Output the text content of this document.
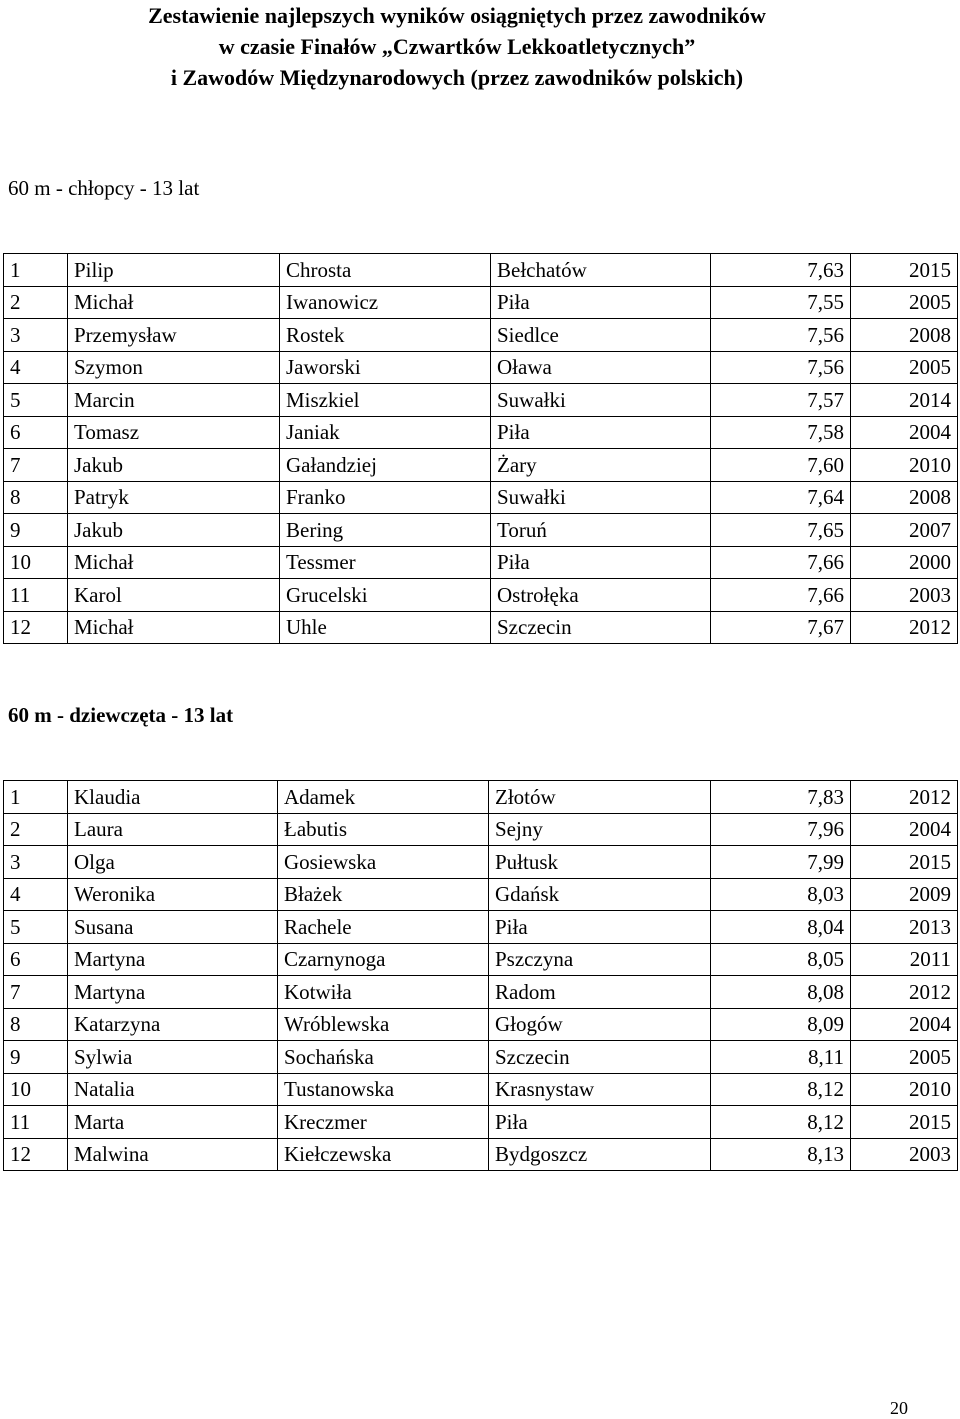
Zestawienie najlepszych wyników osiągniętych przez zawodników
w czasie Finałów „Czwartków Lekkoatletycznych”
i Zawodów Międzynarodowych (przez zawodników polskich)
60 m - chłopcy - 13 lat
1	Pilip	Chrosta	Bełchatów	7,63	2015
2	Michał	Iwanowicz	Piła	7,55	2005
3	Przemysław	Rostek	Siedlce	7,56	2008
4	Szymon	Jaworski	Oława	7,56	2005
5	Marcin	Miszkiel	Suwałki	7,57	2014
6	Tomasz	Janiak	Piła	7,58	2004
7	Jakub	Gałandziej	Żary	7,60	2010
8	Patryk	Franko	Suwałki	7,64	2008
9	Jakub	Bering	Toruń	7,65	2007
10	Michał	Tessmer	Piła	7,66	2000
11	Karol	Grucelski	Ostrołęka	7,66	2003
12	Michał	Uhle	Szczecin	7,67	2012
60 m - dziewczęta - 13 lat
1	Klaudia	Adamek	Złotów	7,83	2012
2	Laura	Łabutis	Sejny	7,96	2004
3	Olga	Gosiewska	Pułtusk	7,99	2015
4	Weronika	Błażek	Gdańsk	8,03	2009
5	Susana	Rachele	Piła	8,04	2013
6	Martyna	Czarnynoga	Pszczyna	8,05	2011
7	Martyna	Kotwiła	Radom	8,08	2012
8	Katarzyna	Wróblewska	Głogów	8,09	2004
9	Sylwia	Sochańska	Szczecin	8,11	2005
10	Natalia	Tustanowska	Krasnystaw	8,12	2010
11	Marta	Kreczmer	Piła	8,12	2015
12	Malwina	Kiełczewska	Bydgoszcz	8,13	2003
20
